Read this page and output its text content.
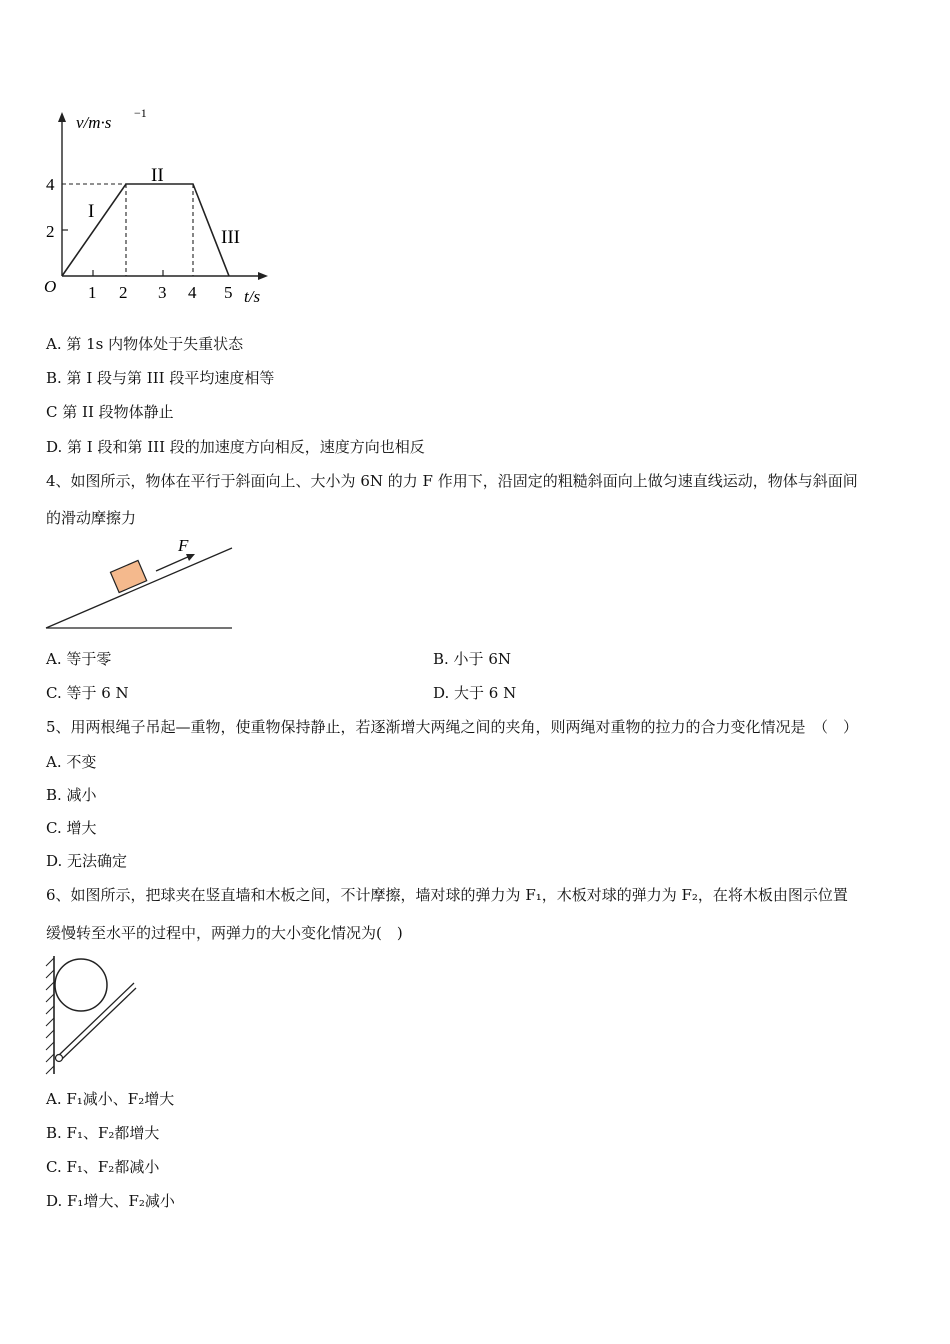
v/m·s −1
t/s
O
2
4
1 2 3 4 5
I
II
III
A. 第 1s 内物体处于失重状态
B. 第 I 段与第 III 段平均速度相等
C 第 II 段物体静止
D. 第 I 段和第 III 段的加速度方向相反，速度方向也相反
4、如图所示，物体在平行于斜面向上、大小为 6N 的力 F 作用下，沿固定的粗糙斜面向上做匀速直线运动，物体与斜面间
的滑动摩擦力
F
A. 等于零	B. 小于 6N
C. 等于 6 N	D. 大于 6 N
5、用两根绳子吊起—重物，使重物保持静止，若逐渐增大两绳之间的夹角，则两绳对重物的拉力的合力变化情况是　（　）
A. 不变
B. 减小
C. 增大
D. 无法确定
6、如图所示，把球夹在竖直墙和木板之间，不计摩擦，墙对球的弹力为 F₁，木板对球的弹力为 F₂，在将木板由图示位置
缓慢转至水平的过程中，两弹力的大小变化情况为(　)
A. F₁减小、F₂增大
B. F₁、F₂都增大
C. F₁、F₂都减小
D. F₁增大、F₂减小
